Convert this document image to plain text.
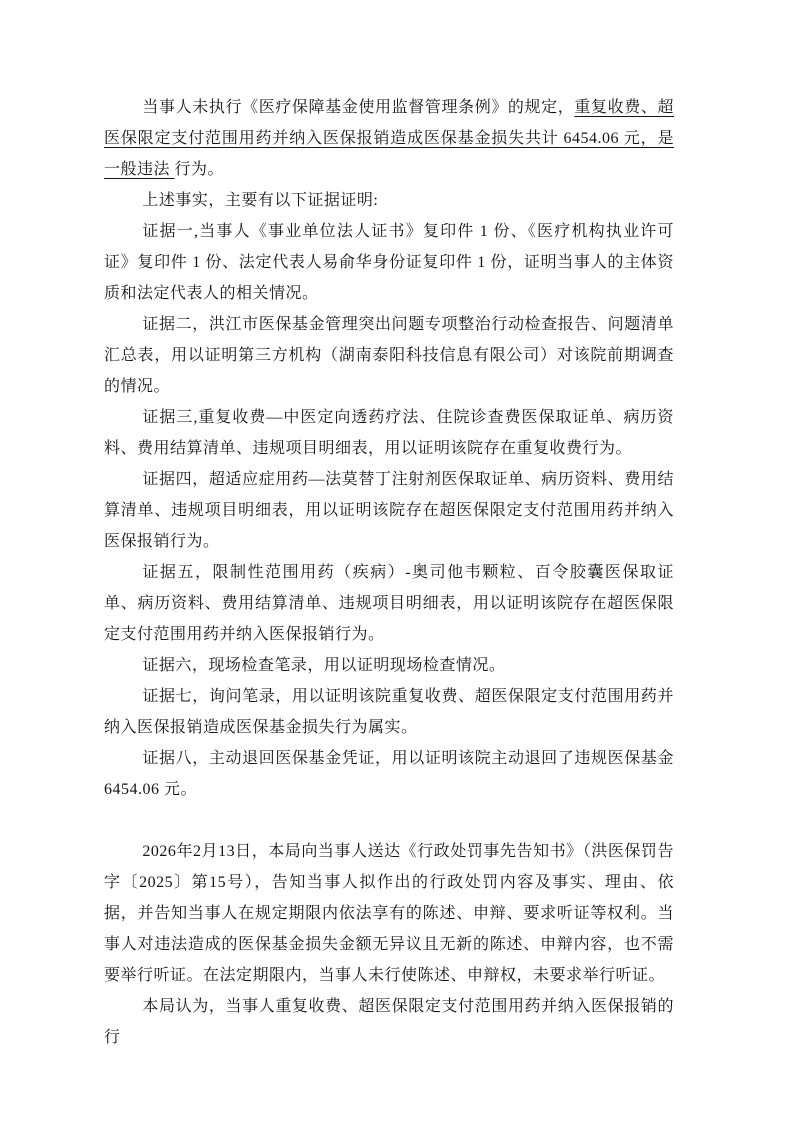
当事人未执行《医疗保障基金使用监督管理条例》的规定，重复收费、超医保限定支付范围用药并纳入医保报销造成医保基金损失共计 6454.06 元，是 一般违法 行为。

上述事实，主要有以下证据证明:

证据一,当事人《事业单位法人证书》复印件 1 份、《医疗机构执业许可证》复印件 1 份、法定代表人易俞华身份证复印件 1 份，证明当事人的主体资质和法定代表人的相关情况。

证据二，洪江市医保基金管理突出问题专项整治行动检查报告、问题清单汇总表，用以证明第三方机构（湖南泰阳科技信息有限公司）对该院前期调查的情况。

证据三,重复收费—中医定向透药疗法、住院诊查费医保取证单、病历资料、费用结算清单、违规项目明细表，用以证明该院存在重复收费行为。

证据四，超适应症用药—法莫替丁注射剂医保取证单、病历资料、费用结算清单、违规项目明细表，用以证明该院存在超医保限定支付范围用药并纳入医保报销行为。

证据五，限制性范围用药（疾病）-奥司他韦颗粒、百令胶囊医保取证单、病历资料、费用结算清单、违规项目明细表，用以证明该院存在超医保限定支付范围用药并纳入医保报销行为。

证据六，现场检查笔录，用以证明现场检查情况。

证据七，询问笔录，用以证明该院重复收费、超医保限定支付范围用药并纳入医保报销造成医保基金损失行为属实。

证据八，主动退回医保基金凭证，用以证明该院主动退回了违规医保基金 6454.06 元。

2026年2月13日，本局向当事人送达《行政处罚事先告知书》（洪医保罚告字〔2025〕第15号），告知当事人拟作出的行政处罚内容及事实、理由、依据，并告知当事人在规定期限内依法享有的陈述、申辩、要求听证等权利。当事人对违法造成的医保基金损失金额无异议且无新的陈述、申辩内容，也不需要举行听证。在法定期限内，当事人未行使陈述、申辩权，未要求举行听证。

本局认为，当事人重复收费、超医保限定支付范围用药并纳入医保报销的行
